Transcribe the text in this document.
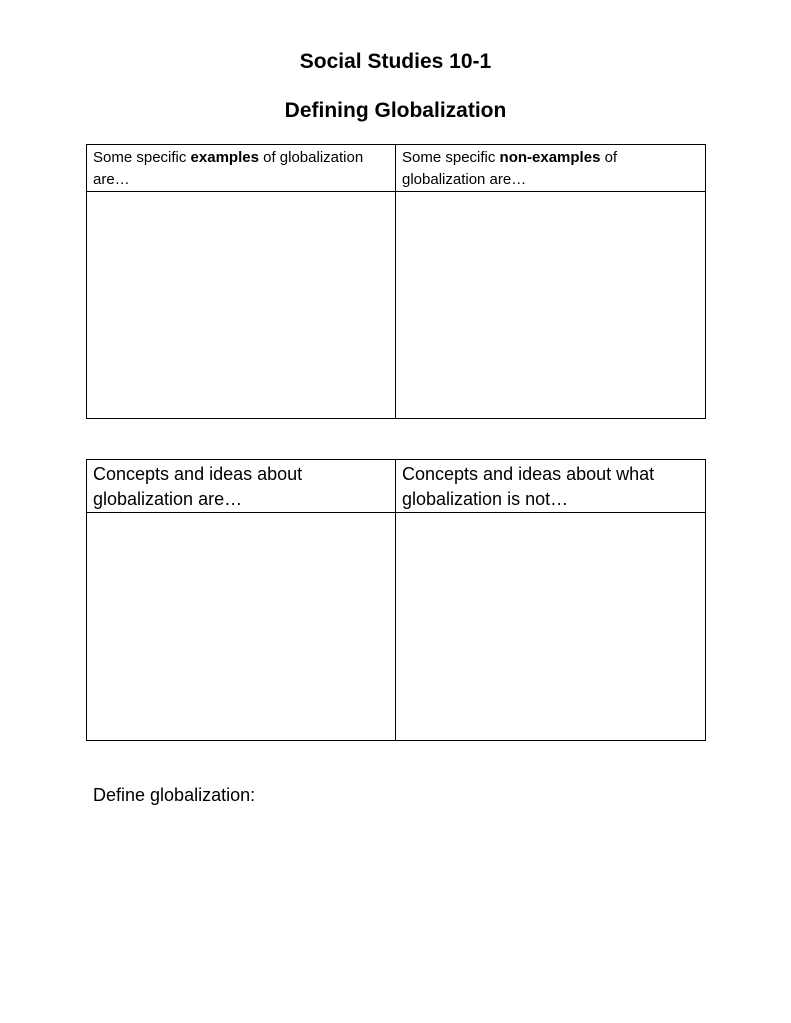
Social Studies 10-1
Defining Globalization
Some specific examples of globalization are…	Some specific non-examples of globalization are…

Concepts and ideas about globalization are…	Concepts and ideas about what globalization is not…

Define globalization:
